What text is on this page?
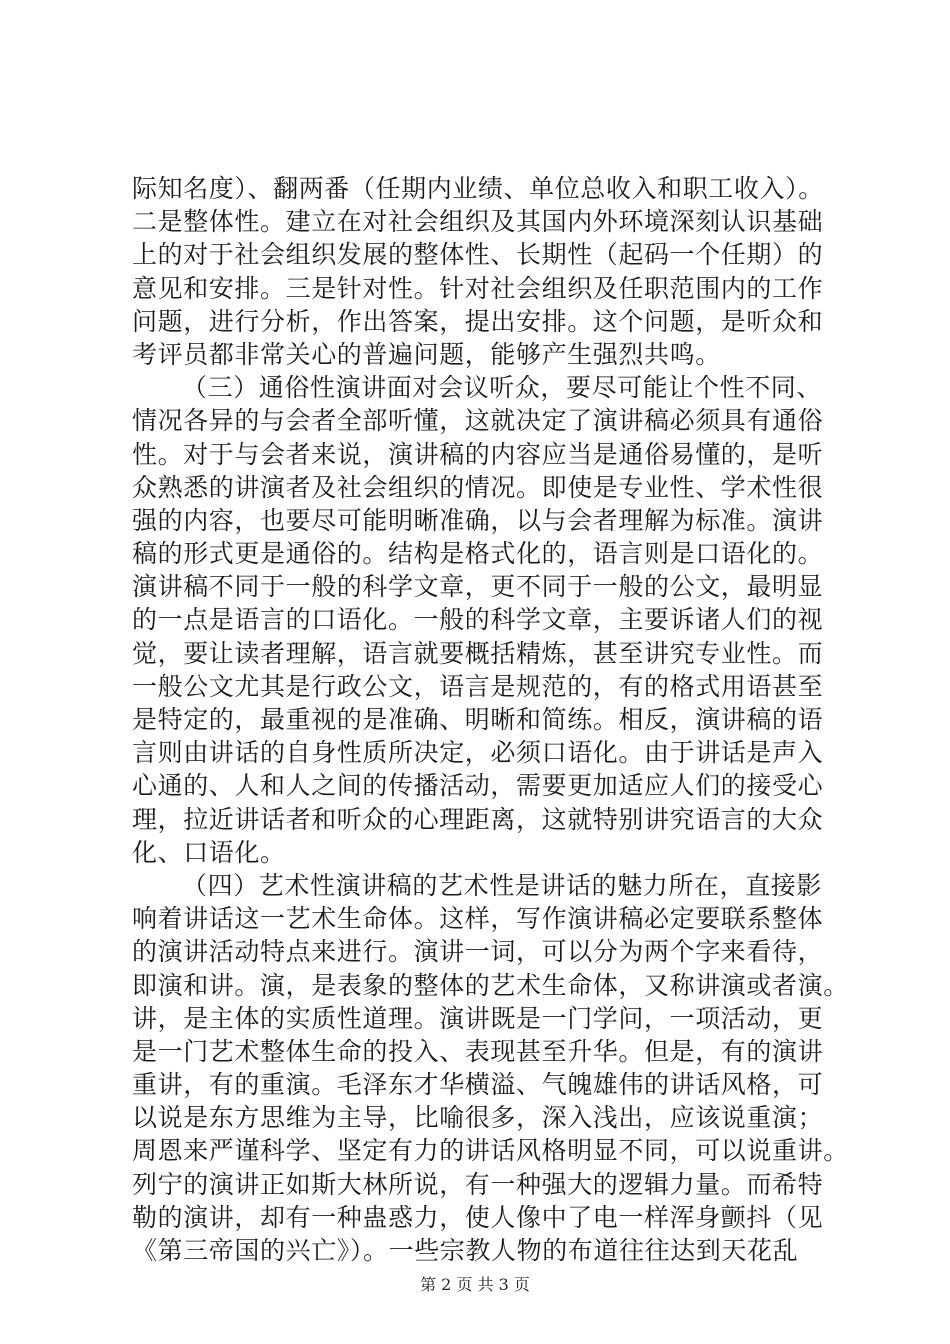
际知名度）、翻两番（任期内业绩、单位总收入和职工收入）。
二是整体性。建立在对社会组织及其国内外环境深刻认识基础
上的对于社会组织发展的整体性、长期性（起码一个任期）的
意见和安排。三是针对性。针对社会组织及任职范围内的工作
问题，进行分析，作出答案，提出安排。这个问题，是听众和
考评员都非常关心的普遍问题，能够产生强烈共鸣。
（三）通俗性演讲面对会议听众，要尽可能让个性不同、
情况各异的与会者全部听懂，这就决定了演讲稿必须具有通俗
性。对于与会者来说，演讲稿的内容应当是通俗易懂的，是听
众熟悉的讲演者及社会组织的情况。即使是专业性、学术性很
强的内容，也要尽可能明晰准确，以与会者理解为标准。演讲
稿的形式更是通俗的。结构是格式化的，语言则是口语化的。
演讲稿不同于一般的科学文章，更不同于一般的公文，最明显
的一点是语言的口语化。一般的科学文章，主要诉诸人们的视
觉，要让读者理解，语言就要概括精炼，甚至讲究专业性。而
一般公文尤其是行政公文，语言是规范的，有的格式用语甚至
是特定的，最重视的是准确、明晰和简练。相反，演讲稿的语
言则由讲话的自身性质所决定，必须口语化。由于讲话是声入
心通的、人和人之间的传播活动，需要更加适应人们的接受心
理，拉近讲话者和听众的心理距离，这就特别讲究语言的大众
化、口语化。
（四）艺术性演讲稿的艺术性是讲话的魅力所在，直接影
响着讲话这一艺术生命体。这样，写作演讲稿必定要联系整体
的演讲活动特点来进行。演讲一词，可以分为两个字来看待，
即演和讲。演，是表象的整体的艺术生命体，又称讲演或者演。
讲，是主体的实质性道理。演讲既是一门学问，一项活动，更
是一门艺术整体生命的投入、表现甚至升华。但是，有的演讲
重讲，有的重演。毛泽东才华横溢、气魄雄伟的讲话风格，可
以说是东方思维为主导，比喻很多，深入浅出，应该说重演；
周恩来严谨科学、坚定有力的讲话风格明显不同，可以说重讲。
列宁的演讲正如斯大林所说，有一种强大的逻辑力量。而希特
勒的演讲，却有一种蛊惑力，使人像中了电一样浑身颤抖（见
《第三帝国的兴亡》）。一些宗教人物的布道往往达到天花乱
第 2 页 共 3 页
